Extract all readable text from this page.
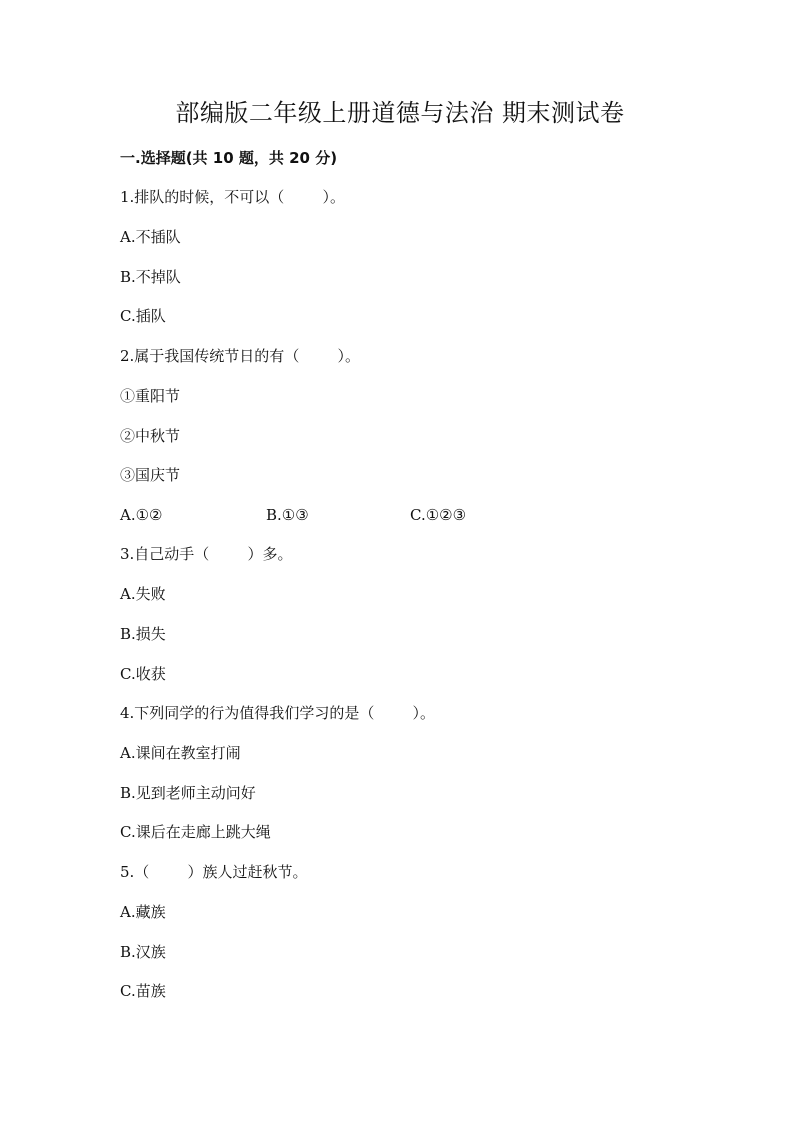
部编版二年级上册道德与法治 期末测试卷
一.选择题(共 10 题，共 20 分)
1.排队的时候，不可以（        ）。
A.不插队
B.不掉队
C.插队
2.属于我国传统节日的有（        ）。
①重阳节
②中秋节
③国庆节

A.①②

	B.①③

	C.①②③

3.自己动手（        ）多。
A.失败
B.损失
C.收获
4.下列同学的行为值得我们学习的是（        ）。
A.课间在教室打闹
B.见到老师主动问好
C.课后在走廊上跳大绳
5.（        ）族人过赶秋节。
A.藏族
B.汉族
C.苗族
